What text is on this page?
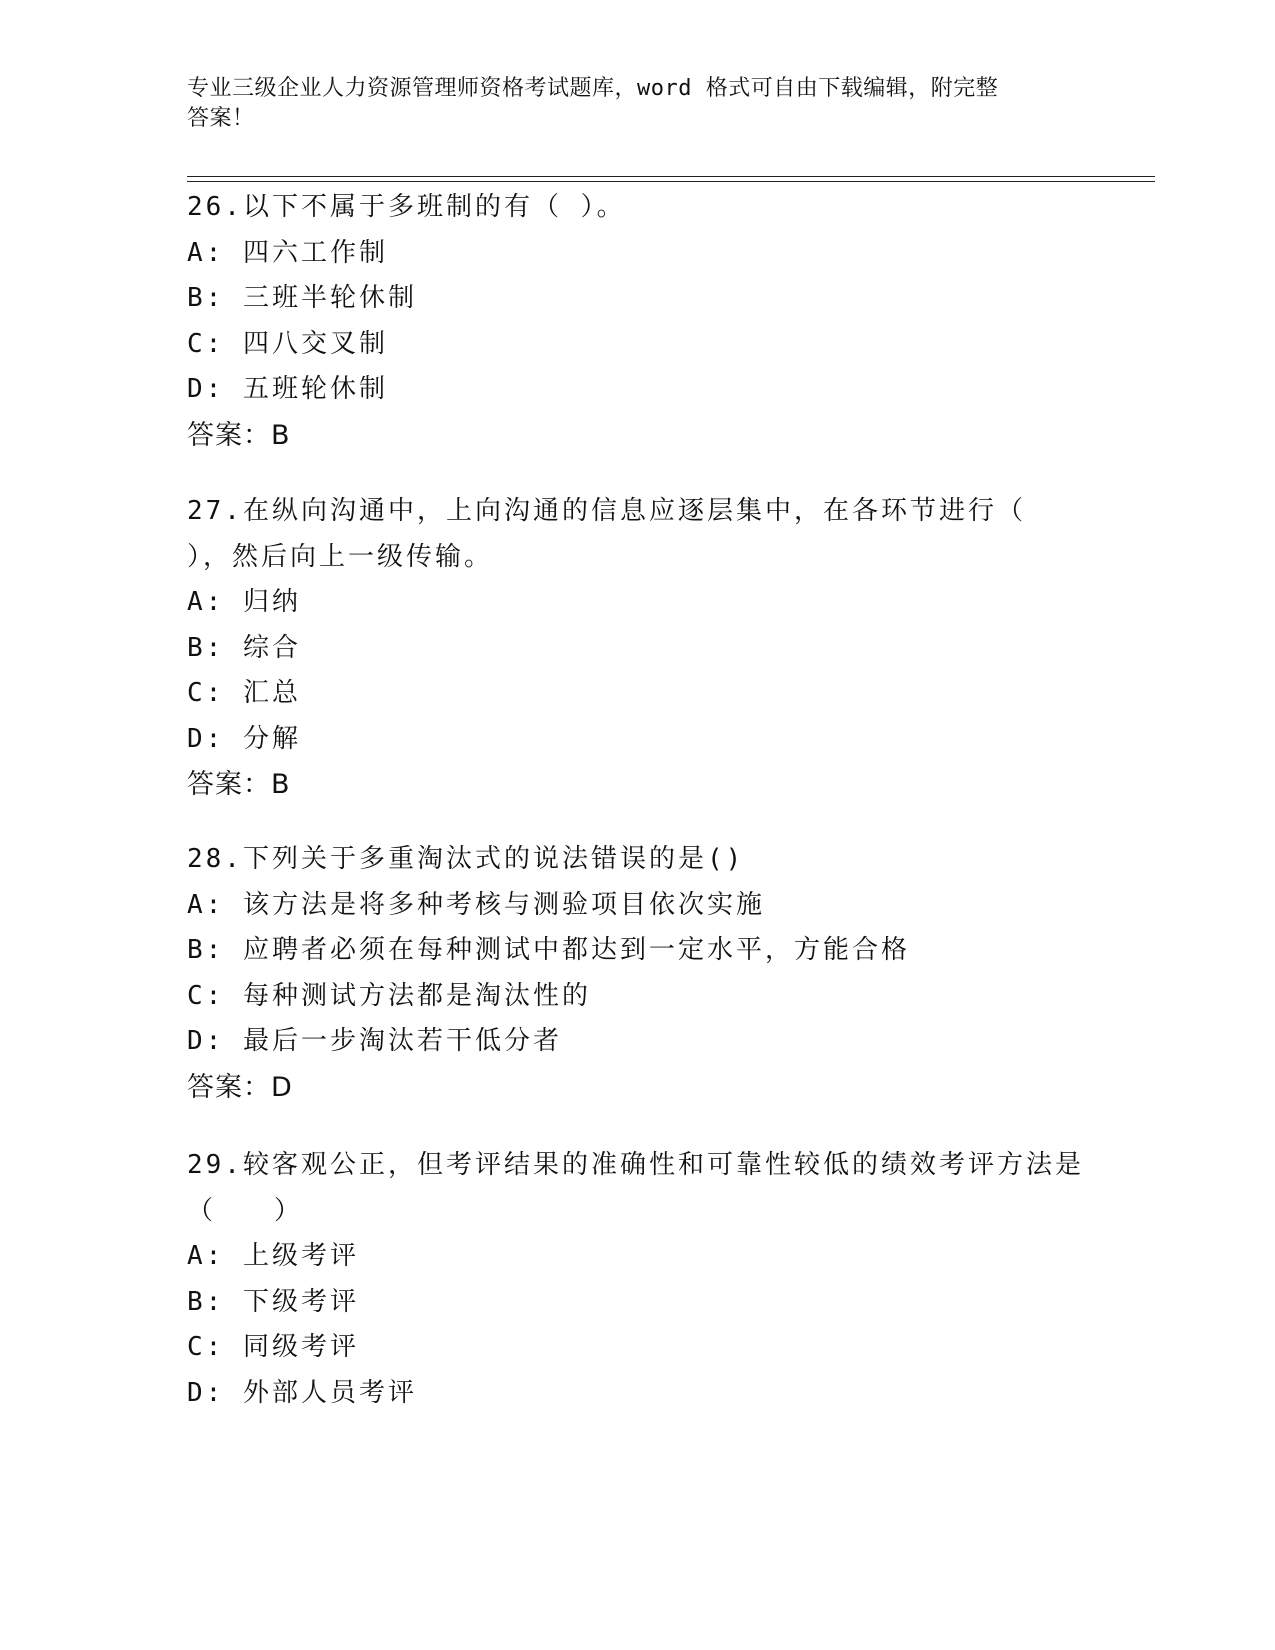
专业三级企业人力资源管理师资格考试题库，word 格式可自由下载编辑，附完整
答案！
26.以下不属于多班制的有（ ）。
A: 四六工作制
B: 三班半轮休制
C: 四八交叉制
D: 五班轮休制
答案：B
27.在纵向沟通中，上向沟通的信息应逐层集中，在各环节进行（
），然后向上一级传输。
A: 归纳
B: 综合
C: 汇总
D: 分解
答案：B
28.下列关于多重淘汰式的说法错误的是()
A: 该方法是将多种考核与测验项目依次实施
B: 应聘者必须在每种测试中都达到一定水平，方能合格
C: 每种测试方法都是淘汰性的
D: 最后一步淘汰若干低分者
答案：D
29.较客观公正，但考评结果的准确性和可靠性较低的绩效考评方法是
（　　）
A: 上级考评
B: 下级考评
C: 同级考评
D: 外部人员考评
